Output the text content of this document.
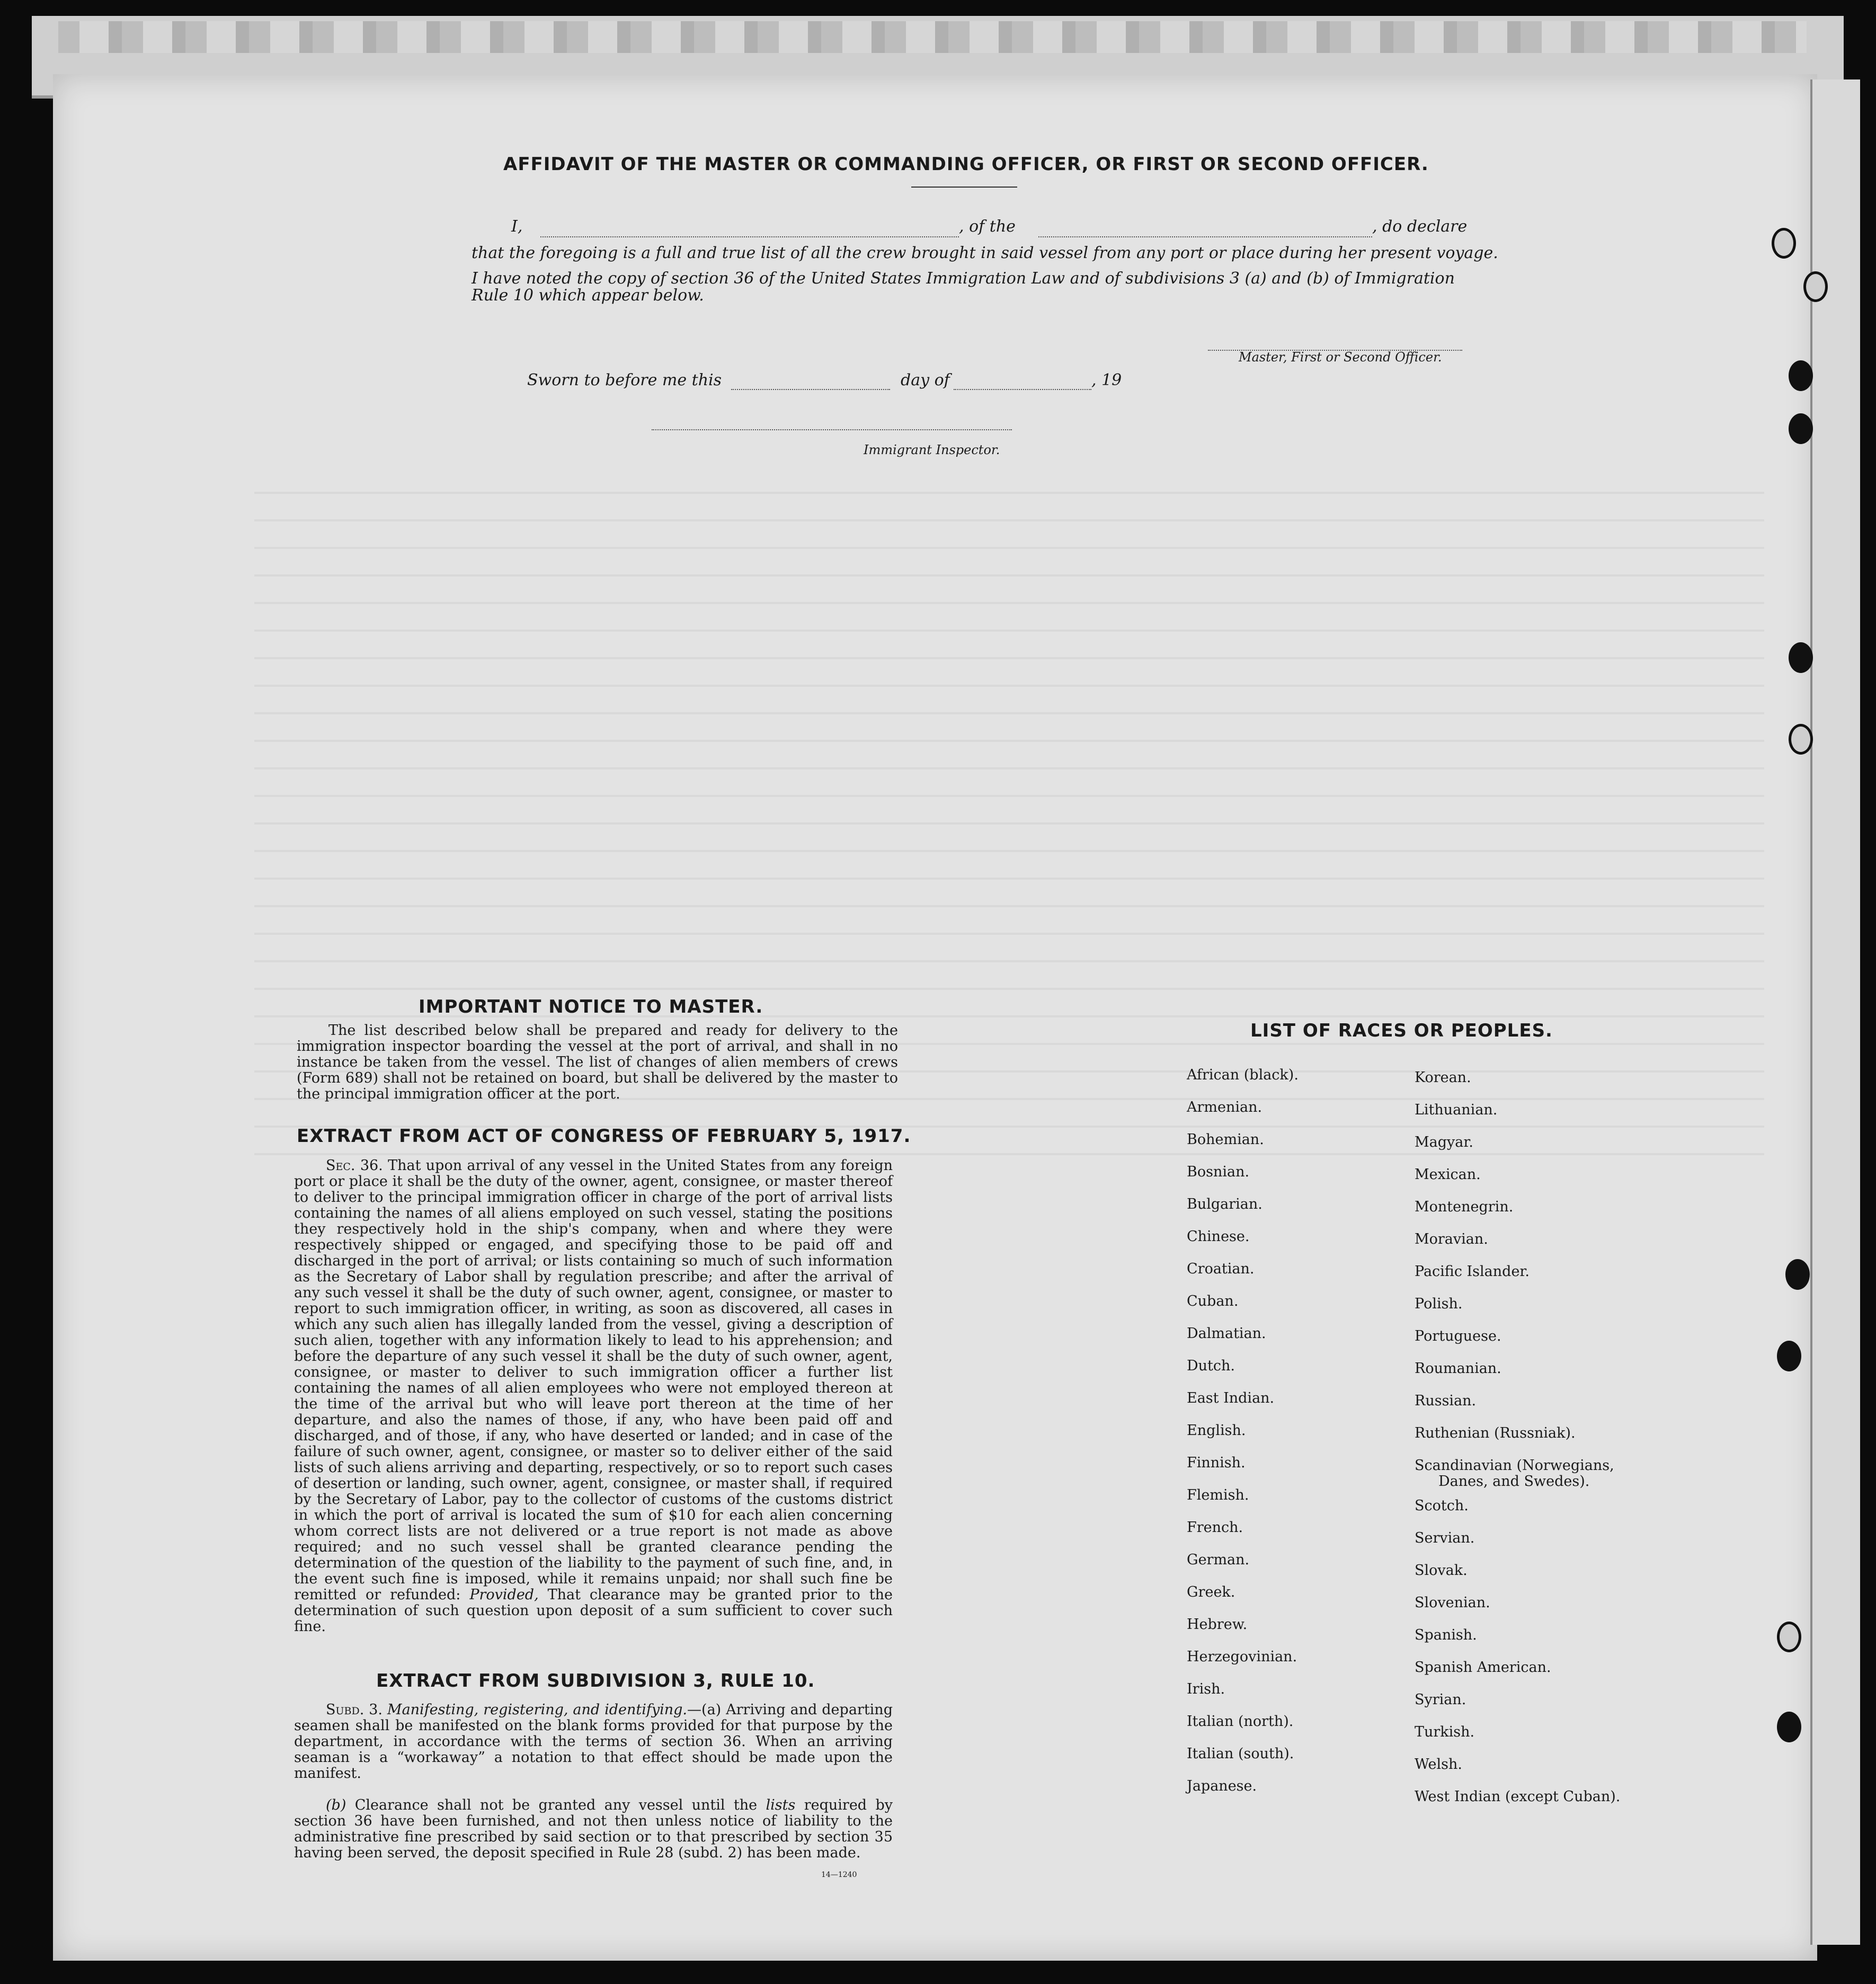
AFFIDAVIT OF THE MASTER OR COMMANDING OFFICER, OR FIRST OR SECOND OFFICER.
I,	, of the	, do declare
that the foregoing is a full and true list of all the crew brought in said vessel from any port or place during her present voyage.
I have noted the copy of section 36 of the United States Immigration Law and of subdivisions 3 (a) and (b) of Immigration
Rule 10 which appear below.
Master, First or Second Officer.
Sworn to before me this	day of	, 19
Immigrant Inspector.
IMPORTANT NOTICE TO MASTER.
The list described below shall be prepared and ready for delivery to the immigration inspector boarding the vessel at the port of arrival, and shall in no instance be taken from the vessel. The list of changes of alien members of crews (Form 689) shall not be retained on board, but shall be delivered by the master to the principal immigration officer at the port.
EXTRACT FROM ACT OF CONGRESS OF FEBRUARY 5, 1917.
Sec. 36. That upon arrival of any vessel in the United States from any foreign port or place it shall be the duty of the owner, agent, consignee, or master thereof to deliver to the principal immigration officer in charge of the port of arrival lists containing the names of all aliens employed on such vessel, stating the positions they respectively hold in the ship's company, when and where they were respectively shipped or engaged, and specifying those to be paid off and discharged in the port of arrival; or lists containing so much of such information as the Secretary of Labor shall by regulation prescribe; and after the arrival of any such vessel it shall be the duty of such owner, agent, consignee, or master to report to such immigration officer, in writing, as soon as discovered, all cases in which any such alien has illegally landed from the vessel, giving a description of such alien, together with any information likely to lead to his apprehension; and before the departure of any such vessel it shall be the duty of such owner, agent, consignee, or master to deliver to such immigration officer a further list containing the names of all alien employees who were not employed thereon at the time of the arrival but who will leave port thereon at the time of her departure, and also the names of those, if any, who have been paid off and discharged, and of those, if any, who have deserted or landed; and in case of the failure of such owner, agent, consignee, or master so to deliver either of the said lists of such aliens arriving and departing, respectively, or so to report such cases of desertion or landing, such owner, agent, consignee, or master shall, if required by the Secretary of Labor, pay to the collector of customs of the customs district in which the port of arrival is located the sum of $10 for each alien concerning whom correct lists are not delivered or a true report is not made as above required; and no such vessel shall be granted clearance pending the determination of the question of the liability to the payment of such fine, and, in the event such fine is imposed, while it remains unpaid; nor shall such fine be remitted or refunded: Provided, That clearance may be granted prior to the determination of such question upon deposit of a sum sufficient to cover such fine.
EXTRACT FROM SUBDIVISION 3, RULE 10.
Subd. 3. Manifesting, registering, and identifying.—(a) Arriving and departing seamen shall be manifested on the blank forms provided for that purpose by the department, in accordance with the terms of section 36. When an arriving seaman is a “workaway” a notation to that effect should be made upon the manifest.
(b) Clearance shall not be granted any vessel until the lists required by section 36 have been furnished, and not then unless notice of liability to the administrative fine prescribed by said section or to that prescribed by section 35 having been served, the deposit specified in Rule 28 (subd. 2) has been made.
14—1240
LIST OF RACES OR PEOPLES.
African (black).
Armenian.
Bohemian.
Bosnian.
Bulgarian.
Chinese.
Croatian.
Cuban.
Dalmatian.
Dutch.
East Indian.
English.
Finnish.
Flemish.
French.
German.
Greek.
Hebrew.
Herzegovinian.
Irish.
Italian (north).
Italian (south).
Japanese.
Korean.
Lithuanian.
Magyar.
Mexican.
Montenegrin.
Moravian.
Pacific Islander.
Polish.
Portuguese.
Roumanian.
Russian.
Ruthenian (Russniak).
Scandinavian (Norwegians,
Danes, and Swedes).
Scotch.
Servian.
Slovak.
Slovenian.
Spanish.
Spanish American.
Syrian.
Turkish.
Welsh.
West Indian (except Cuban).
